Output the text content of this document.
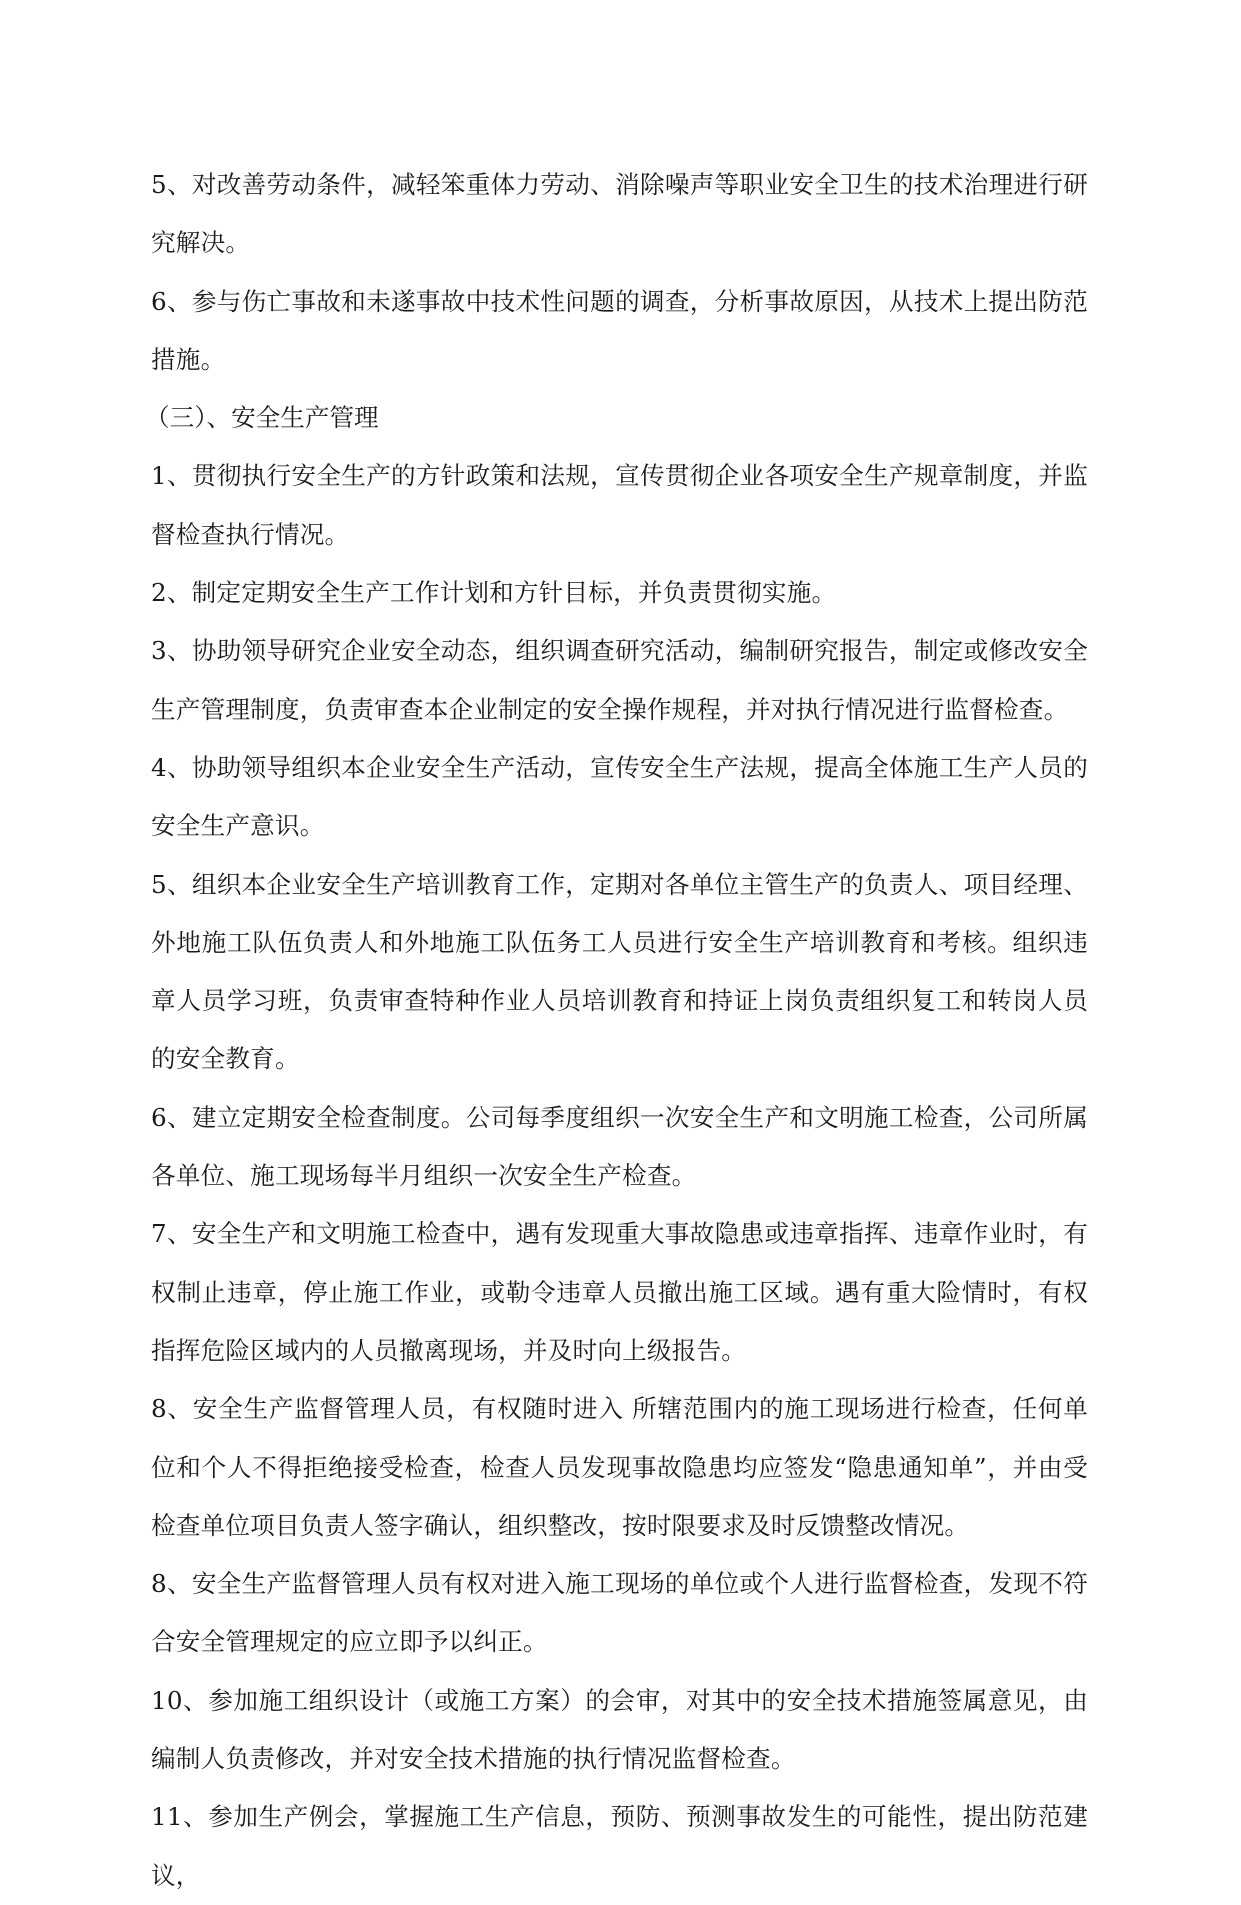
5、对改善劳动条件，减轻笨重体力劳动、消除噪声等职业安全卫生的技术治理进行研究解决。

6、参与伤亡事故和未遂事故中技术性问题的调查，分析事故原因，从技术上提出防范措施。

（三）、安全生产管理

1、贯彻执行安全生产的方针政策和法规，宣传贯彻企业各项安全生产规章制度，并监督检查执行情况。

2、制定定期安全生产工作计划和方针目标，并负责贯彻实施。

3、协助领导研究企业安全动态，组织调查研究活动，编制研究报告，制定或修改安全生产管理制度，负责审查本企业制定的安全操作规程，并对执行情况进行监督检查。

4、协助领导组织本企业安全生产活动，宣传安全生产法规，提高全体施工生产人员的安全生产意识。

5、组织本企业安全生产培训教育工作，定期对各单位主管生产的负责人、项目经理、外地施工队伍负责人和外地施工队伍务工人员进行安全生产培训教育和考核。组织违章人员学习班，负责审查特种作业人员培训教育和持证上岗负责组织复工和转岗人员的安全教育。

6、建立定期安全检查制度。公司每季度组织一次安全生产和文明施工检查，公司所属各单位、施工现场每半月组织一次安全生产检查。

7、安全生产和文明施工检查中，遇有发现重大事故隐患或违章指挥、违章作业时，有权制止违章，停止施工作业，或勒令违章人员撤出施工区域。遇有重大险情时，有权指挥危险区域内的人员撤离现场，并及时向上级报告。

8、安全生产监督管理人员，有权随时进入 所辖范围内的施工现场进行检查，任何单位和个人不得拒绝接受检查，检查人员发现事故隐患均应签发“隐患通知单”，并由受检查单位项目负责人签字确认，组织整改，按时限要求及时反馈整改情况。

8、安全生产监督管理人员有权对进入施工现场的单位或个人进行监督检查，发现不符合安全管理规定的应立即予以纠正。

10、参加施工组织设计（或施工方案）的会审，对其中的安全技术措施签属意见，由编制人负责修改，并对安全技术措施的执行情况监督检查。

11、参加生产例会，掌握施工生产信息，预防、预测事故发生的可能性，提出防范建议，
